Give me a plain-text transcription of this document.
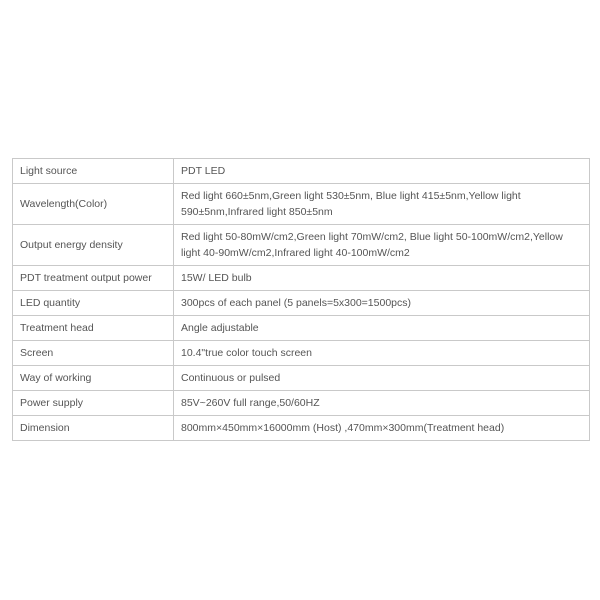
Light source	PDT LED
Wavelength(Color)	Red light 660±5nm,Green light 530±5nm, Blue light 415±5nm,Yellow light 590±5nm,Infrared light 850±5nm
Output energy density	Red light 50-80mW/cm2,Green light 70mW/cm2, Blue light 50-100mW/cm2,Yellow light 40-90mW/cm2,Infrared light 40-100mW/cm2
PDT treatment output power	15W/ LED bulb
LED quantity	300pcs of each panel (5 panels=5x300=1500pcs)
Treatment head	Angle adjustable
Screen	10.4"true color touch screen
Way of working	Continuous or pulsed
Power supply	85V~260V full range,50/60HZ
Dimension	800mm×450mm×16000mm (Host) ,470mm×300mm(Treatment head)
